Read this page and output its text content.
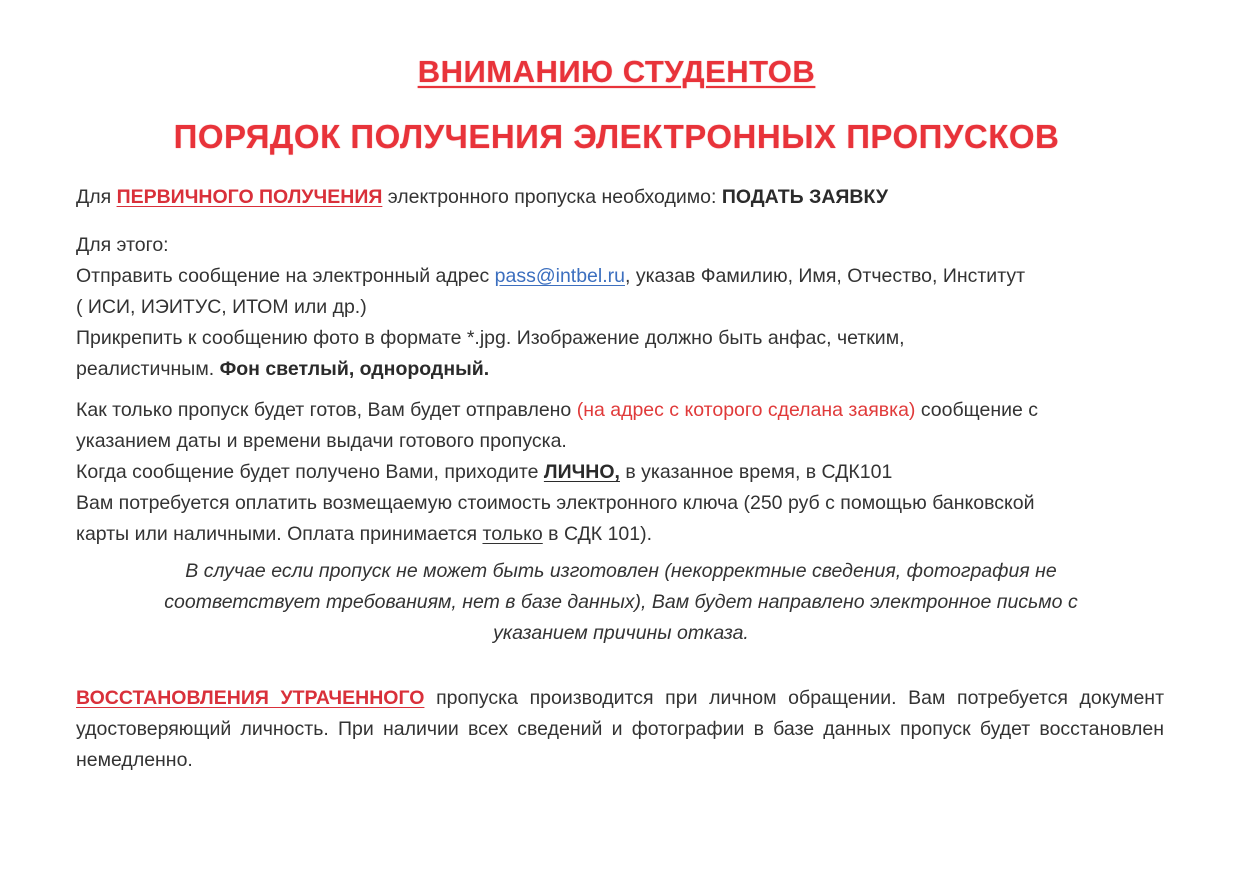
ВНИМАНИЮ СТУДЕНТОВ
ПОРЯДОК ПОЛУЧЕНИЯ ЭЛЕКТРОННЫХ ПРОПУСКОВ
Для ПЕРВИЧНОГО ПОЛУЧЕНИЯ электронного пропуска необходимо: ПОДАТЬ ЗАЯВКУ
Для этого:
Отправить сообщение на электронный адрес pass@intbel.ru, указав Фамилию, Имя, Отчество, Институт
( ИСИ, ИЭИТУС, ИТОМ или др.)
Прикрепить к сообщению фото в формате *.jpg. Изображение должно быть анфас, четким,
реалистичным. Фон светлый, однородный.
Как только пропуск будет готов, Вам будет отправлено (на адрес с которого сделана заявка) сообщение с
указанием даты и времени выдачи готового пропуска.
Когда сообщение будет получено Вами, приходите ЛИЧНО, в указанное время, в СДК101
Вам потребуется оплатить возмещаемую стоимость электронного ключа (250 руб с помощью банковской
карты или наличными. Оплата принимается только в СДК 101).
В случае если пропуск не может быть изготовлен (некорректные сведения, фотография не
соответствует требованиям, нет в базе данных), Вам будет направлено электронное письмо с
указанием причины отказа.
ВОССТАНОВЛЕНИЯ УТРАЧЕННОГО пропуска производится при личном обращении. Вам потребуется документ удостоверяющий личность. При наличии всех сведений и фотографии в базе данных пропуск будет восстановлен немедленно.
